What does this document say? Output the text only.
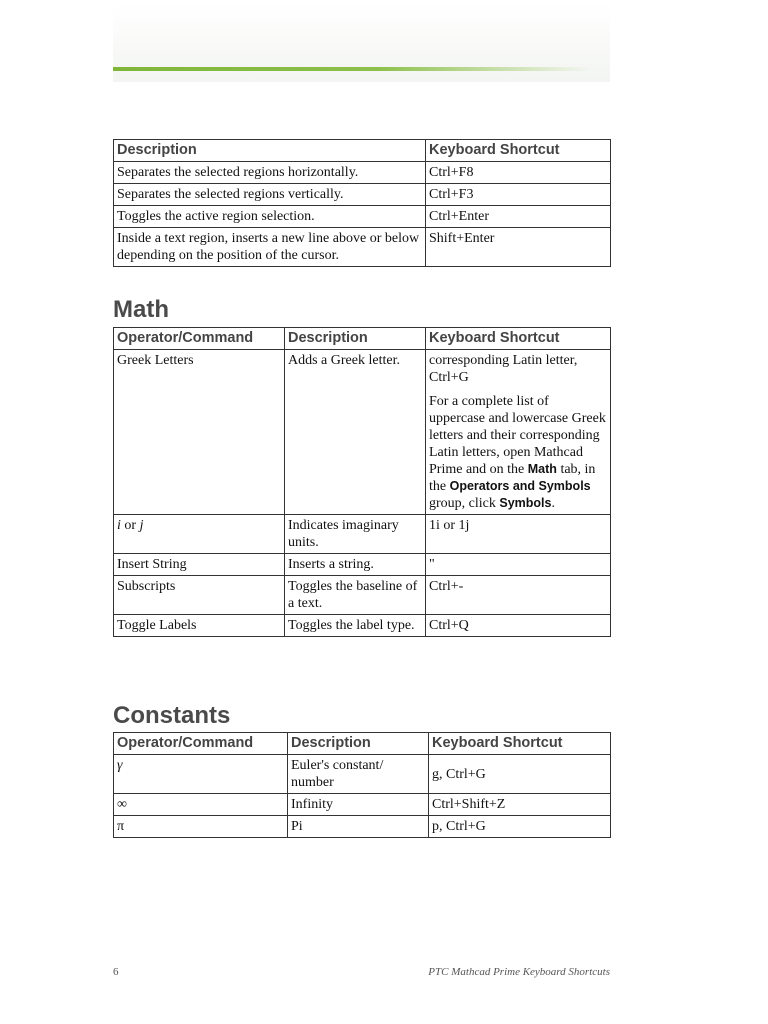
Description	Keyboard Shortcut
Separates the selected regions horizontally.	Ctrl+F8
Separates the selected regions vertically.	Ctrl+F3
Toggles the active region selection.	Ctrl+Enter
Inside a text region, inserts a new line above or below depending on the position of the cursor.	Shift+Enter
Math
Operator/Command	Description	Keyboard Shortcut
Greek Letters	Adds a Greek letter.	corresponding Latin letter, Ctrl+G
For a complete list of uppercase and lowercase Greek letters and their corresponding Latin letters, open Mathcad Prime and on the Math tab, in the Operators and Symbols group, click Symbols.

i or j	Indicates imaginary units.	1i or 1j
Insert String	Inserts a string.	"
Subscripts	Toggles the baseline of a text.	Ctrl+-
Toggle Labels	Toggles the label type.	Ctrl+Q
Constants
Operator/Command	Description	Keyboard Shortcut
γ	Euler's constant/ number	g, Ctrl+G
∞	Infinity	Ctrl+Shift+Z
π	Pi	p, Ctrl+G
6	PTC Mathcad Prime Keyboard Shortcuts
